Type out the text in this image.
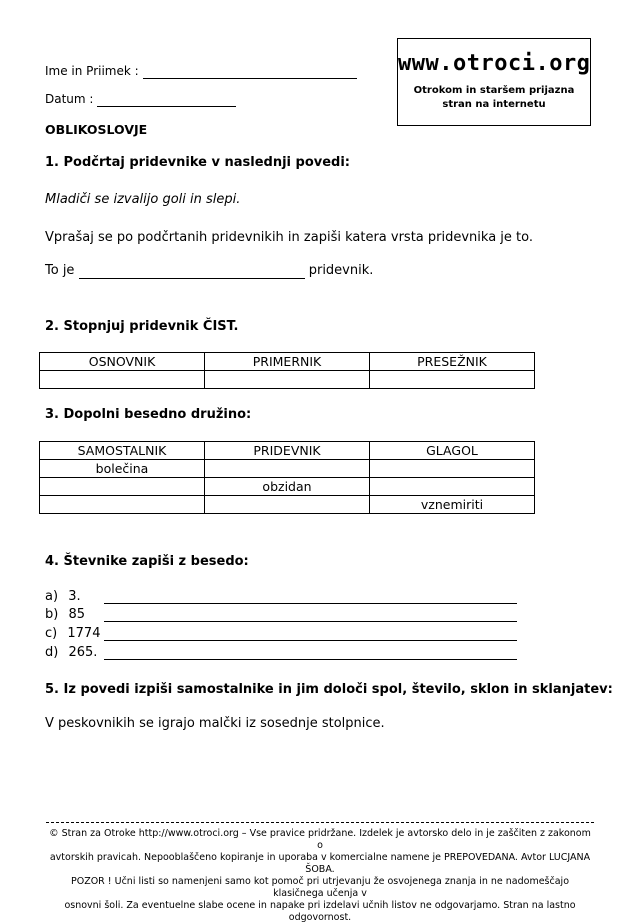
Ime in Priimek :
Datum :
OBLIKOSLOVJE
www.otroci.org
Otrokom in staršem prijazna
stran na internetu
1. Podčrtaj pridevnike v naslednji povedi:
Mladiči se izvalijo goli in slepi.
Vprašaj se po podčrtanih pridevnikih in zapiši katera vrsta pridevnika je to.
To je	pridevnik.
2. Stopnjuj pridevnik ČIST.
OSNOVNIK	PRIMERNIK	PRESEŽNIK

3. Dopolni besedno družino:
SAMOSTALNIK	PRIDEVNIK	GLAGOL
bolečina		
	obzidan	
		vznemiriti
4. Števnike zapiši z besedo:
a) 3.
b) 85
c) 1774
d) 265.
5. Iz povedi izpiši samostalnike in jim določi spol, število, sklon in sklanjatev:
V peskovnikih se igrajo malčki iz sosednje stolpnice.
© Stran za Otroke http://www.otroci.org – Vse pravice pridržane. Izdelek je avtorsko delo in je zaščiten z zakonom o
avtorskih pravicah. Nepooblaščeno kopiranje in uporaba v komercialne namene je PREPOVEDANA. Avtor LUCJANA ŠOBA.
POZOR ! Učni listi so namenjeni samo kot pomoč pri utrjevanju že osvojenega znanja in ne nadomeščajo klasičnega učenja v
osnovni šoli. Za eventuelne slabe ocene in napake pri izdelavi učnih listov ne odgovarjamo. Stran na lastno odgovornost.
